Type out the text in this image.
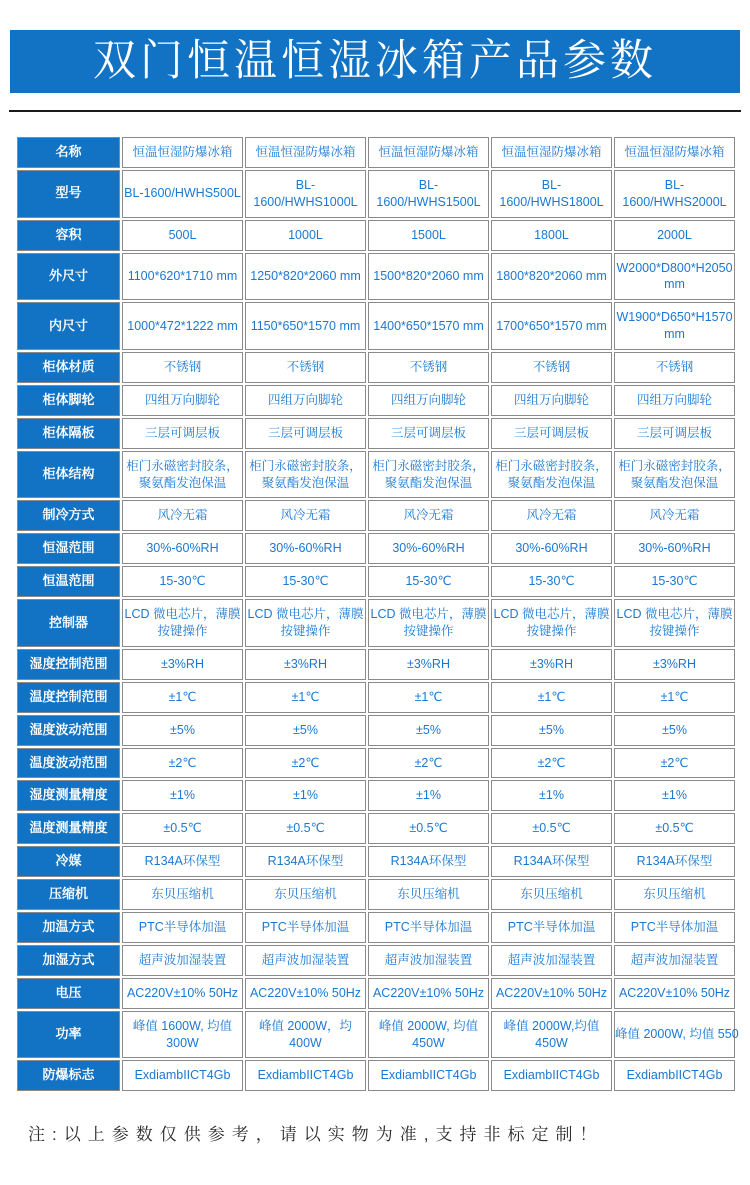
双门恒温恒湿冰箱产品参数
名称	恒温恒湿防爆冰箱	恒温恒湿防爆冰箱	恒温恒湿防爆冰箱	恒温恒湿防爆冰箱	恒温恒湿防爆冰箱
型号	BL-1600/HWHS500L	BL-1600/HWHS1000L	BL-1600/HWHS1500L	BL-1600/HWHS1800L	BL-1600/HWHS2000L
容积	500L	1000L	1500L	1800L	2000L
外尺寸	1100*620*1710 mm	1250*820*2060 mm	1500*820*2060 mm	1800*820*2060 mm	W2000*D800*H2050 mm
内尺寸	1000*472*1222 mm	1150*650*1570 mm	1400*650*1570 mm	1700*650*1570 mm	W1900*D650*H1570 mm
柜体材质	不锈钢	不锈钢	不锈钢	不锈钢	不锈钢
柜体脚轮	四组万向脚轮	四组万向脚轮	四组万向脚轮	四组万向脚轮	四组万向脚轮
柜体隔板	三层可调层板	三层可调层板	三层可调层板	三层可调层板	三层可调层板
柜体结构	柜门永磁密封胶条，聚氨酯发泡保温	柜门永磁密封胶条，聚氨酯发泡保温	柜门永磁密封胶条，聚氨酯发泡保温	柜门永磁密封胶条，聚氨酯发泡保温	柜门永磁密封胶条，聚氨酯发泡保温
制冷方式	风冷无霜	风冷无霜	风冷无霜	风冷无霜	风冷无霜
恒湿范围	30%-60%RH	30%-60%RH	30%-60%RH	30%-60%RH	30%-60%RH
恒温范围	15-30℃	15-30℃	15-30℃	15-30℃	15-30℃
控制器	LCD 微电芯片，薄膜按键操作	LCD 微电芯片，薄膜按键操作	LCD 微电芯片，薄膜按键操作	LCD 微电芯片，薄膜按键操作	LCD 微电芯片，薄膜按键操作
湿度控制范围	±3%RH	±3%RH	±3%RH	±3%RH	±3%RH
温度控制范围	±1℃	±1℃	±1℃	±1℃	±1℃
湿度波动范围	±5%	±5%	±5%	±5%	±5%
温度波动范围	±2℃	±2℃	±2℃	±2℃	±2℃
湿度测量精度	±1%	±1%	±1%	±1%	±1%
温度测量精度	±0.5℃	±0.5℃	±0.5℃	±0.5℃	±0.5℃
冷媒	R134A环保型	R134A环保型	R134A环保型	R134A环保型	R134A环保型
压缩机	东贝压缩机	东贝压缩机	东贝压缩机	东贝压缩机	东贝压缩机
加温方式	PTC半导体加温	PTC半导体加温	PTC半导体加温	PTC半导体加温	PTC半导体加温
加湿方式	超声波加湿装置	超声波加湿装置	超声波加湿装置	超声波加湿装置	超声波加湿装置
电压	AC220V±10% 50Hz	AC220V±10% 50Hz	AC220V±10% 50Hz	AC220V±10% 50Hz	AC220V±10% 50Hz
功率	峰值 1600W, 均值 300W	峰值 2000W，均 400W	峰值 2000W, 均值 450W	峰值 2000W,均值 450W	峰值 2000W, 均值 550
防爆标志	ExdiambIICT4Gb	ExdiambIICT4Gb	ExdiambIICT4Gb	ExdiambIICT4Gb	ExdiambIICT4Gb

注:以上参数仅供参考，请以实物为准,支持非标定制！
